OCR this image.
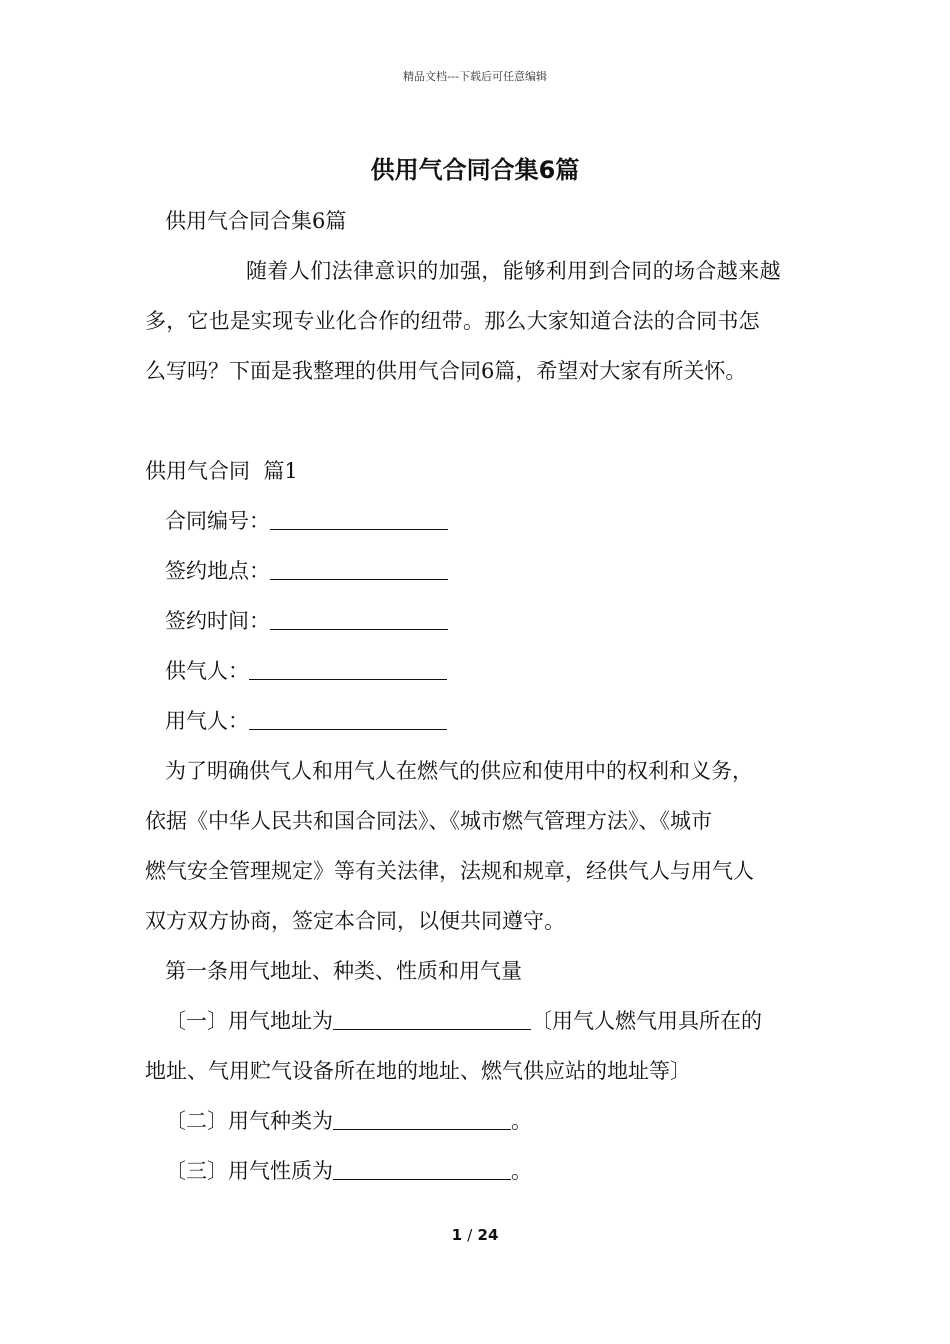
精品文档---下载后可任意编辑
供用气合同合集6篇
供用气合同合集6篇
随着人们法律意识的加强，能够利用到合同的场合越来越
多，它也是实现专业化合作的纽带。那么大家知道合法的合同书怎
么写吗？下面是我整理的供用气合同6篇，希望对大家有所关怀。
供用气合同  篇1
合同编号：
签约地点：
签约时间：
供气人：
用气人：
为了明确供气人和用气人在燃气的供应和使用中的权利和义务，
依据《中华人民共和国合同法》、《城市燃气管理方法》、《城市
燃气安全管理规定》等有关法律，法规和规章，经供气人与用气人
双方双方协商，签定本合同，以便共同遵守。
第一条用气地址、种类、性质和用气量
〔一〕用气地址为	〔用气人燃气用具所在的
地址、气用贮气设备所在地的地址、燃气供应站的地址等〕
〔二〕用气种类为	。
〔三〕用气性质为	。
1 / 24
